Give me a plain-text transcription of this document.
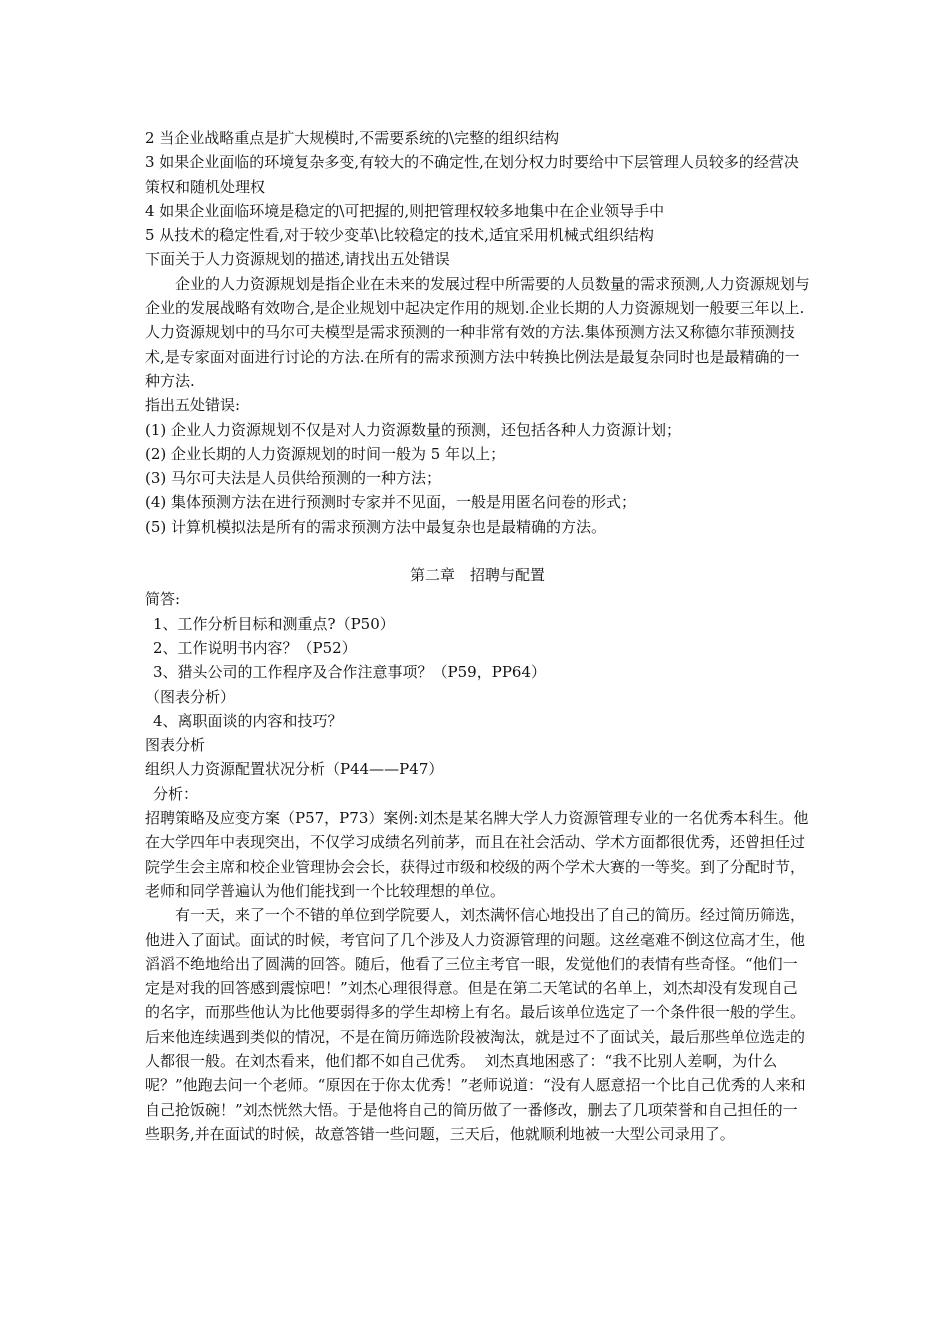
2 当企业战略重点是扩大规模时,不需要系统的\完整的组织结构

3 如果企业面临的环境复杂多变,有较大的不确定性,在划分权力时要给中下层管理人员较多的经营决策权和随机处理权

4 如果企业面临环境是稳定的\可把握的,则把管理权较多地集中在企业领导手中

5 从技术的稳定性看,对于较少变革\比较稳定的技术,适宜采用机械式组织结构

下面关于人力资源规划的描述,请找出五处错误

企业的人力资源规划是指企业在未来的发展过程中所需要的人员数量的需求预测,人力资源规划与企业的发展战略有效吻合,是企业规划中起决定作用的规划.企业长期的人力资源规划一般要三年以上.人力资源规划中的马尔可夫模型是需求预测的一种非常有效的方法.集体预测方法又称德尔菲预测技术,是专家面对面进行讨论的方法.在所有的需求预测方法中转换比例法是最复杂同时也是最精确的一种方法.

指出五处错误:

(1) 企业人力资源规划不仅是对人力资源数量的预测，还包括各种人力资源计划；

(2) 企业长期的人力资源规划的时间一般为 5 年以上；

(3) 马尔可夫法是人员供给预测的一种方法；

(4) 集体预测方法在进行预测时专家并不见面，一般是用匿名问卷的形式；

(5) 计算机模拟法是所有的需求预测方法中最复杂也是最精确的方法。

第二章　招聘与配置

简答:

1、工作分析目标和测重点?（P50）

2、工作说明书内容？（P52）

3、猎头公司的工作程序及合作注意事项？（P59，PP64）

（图表分析）

4、离职面谈的内容和技巧？

图表分析

组织人力资源配置状况分析（P44——P47）

分析：

招聘策略及应变方案（P57，P73）案例:刘杰是某名牌大学人力资源管理专业的一名优秀本科生。他在大学四年中表现突出，不仅学习成绩名列前茅，而且在社会活动、学术方面都很优秀，还曾担任过院学生会主席和校企业管理协会会长，获得过市级和校级的两个学术大赛的一等奖。到了分配时节，老师和同学普遍认为他们能找到一个比较理想的单位。

有一天，来了一个不错的单位到学院要人，刘杰满怀信心地投出了自己的简历。经过简历筛选，他进入了面试。面试的时候，考官问了几个涉及人力资源管理的问题。这丝毫难不倒这位高才生，他滔滔不绝地给出了圆满的回答。随后，他看了三位主考官一眼，发觉他们的表情有些奇怪。“他们一定是对我的回答感到震惊吧！”刘杰心理很得意。但是在第二天笔试的名单上，刘杰却没有发现自己的名字，而那些他认为比他要弱得多的学生却榜上有名。最后该单位选定了一个条件很一般的学生。后来他连续遇到类似的情况，不是在简历筛选阶段被淘汰，就是过不了面试关，最后那些单位选走的人都很一般。在刘杰看来，他们都不如自己优秀。  刘杰真地困惑了：“我不比别人差啊，为什么呢？”他跑去问一个老师。“原因在于你太优秀！”老师说道：“没有人愿意招一个比自己优秀的人来和自己抢饭碗！”刘杰恍然大悟。于是他将自己的简历做了一番修改，删去了几项荣誉和自己担任的一些职务,并在面试的时候，故意答错一些问题，三天后，他就顺利地被一大型公司录用了。
